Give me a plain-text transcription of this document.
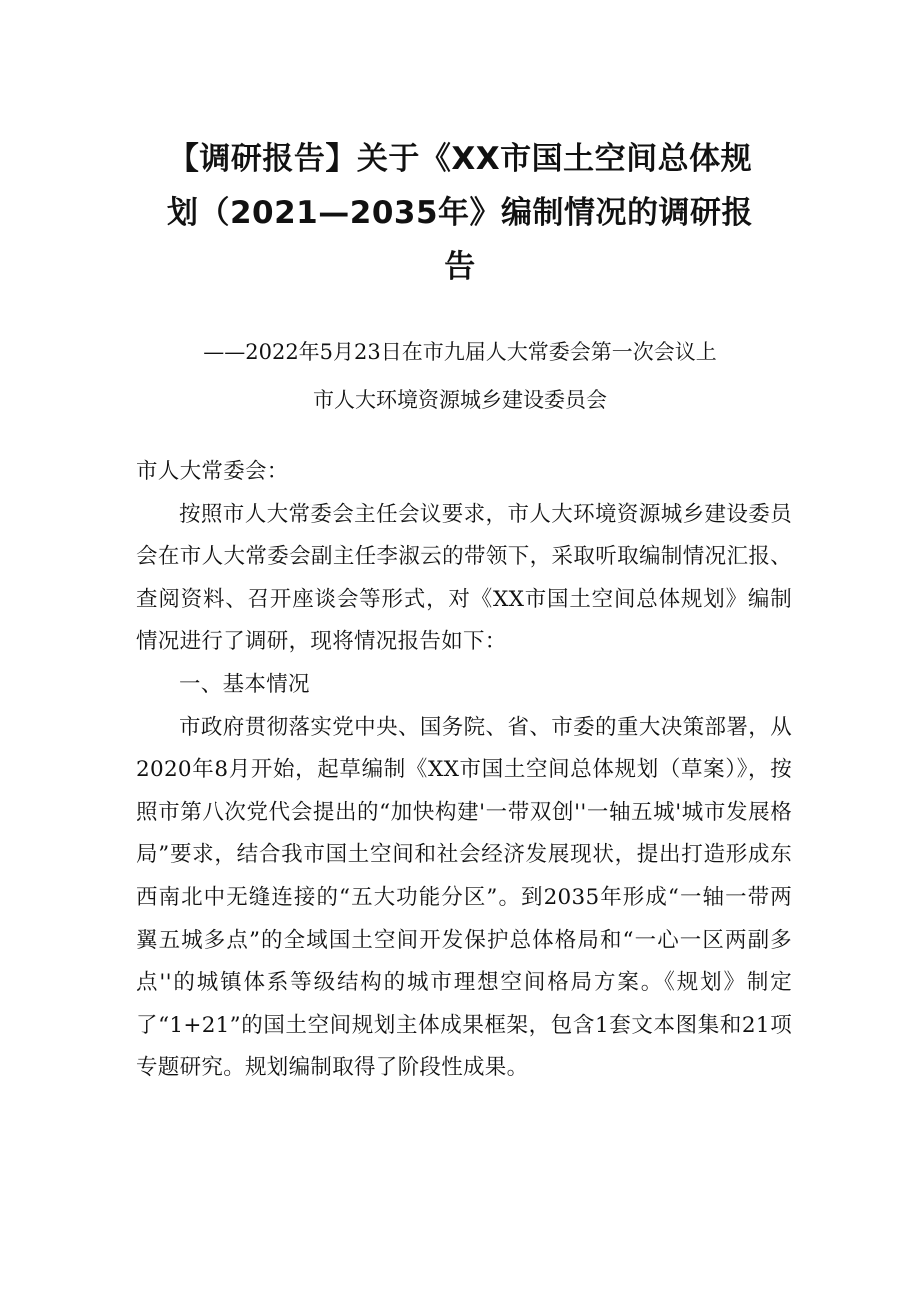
【调研报告】关于《XX市国土空间总体规
划（2021—2035年》编制情况的调研报
告
——2022年5月23日在市九届人大常委会第一次会议上
市人大环境资源城乡建设委员会

市人大常委会：

按照市人大常委会主任会议要求，市人大环境资源城乡建设委员会在市人大常委会副主任李淑云的带领下，采取听取编制情况汇报、查阅资料、召开座谈会等形式，对《XX市国土空间总体规划》编制情况进行了调研，现将情况报告如下：

一、基本情况

市政府贯彻落实党中央、国务院、省、市委的重大决策部署，从2020年8月开始，起草编制《XX市国土空间总体规划（草案）》，按照市第八次党代会提出的“加快构建'一带双创''一轴五城'城市发展格局”要求，结合我市国土空间和社会经济发展现状，提出打造形成东西南北中无缝连接的“五大功能分区”。到2035年形成“一轴一带两翼五城多点”的全域国土空间开发保护总体格局和“一心一区两副多点''的城镇体系等级结构的城市理想空间格局方案。《规划》制定了“1+21”的国土空间规划主体成果框架，包含1套文本图集和21项专题研究。规划编制取得了阶段性成果。
